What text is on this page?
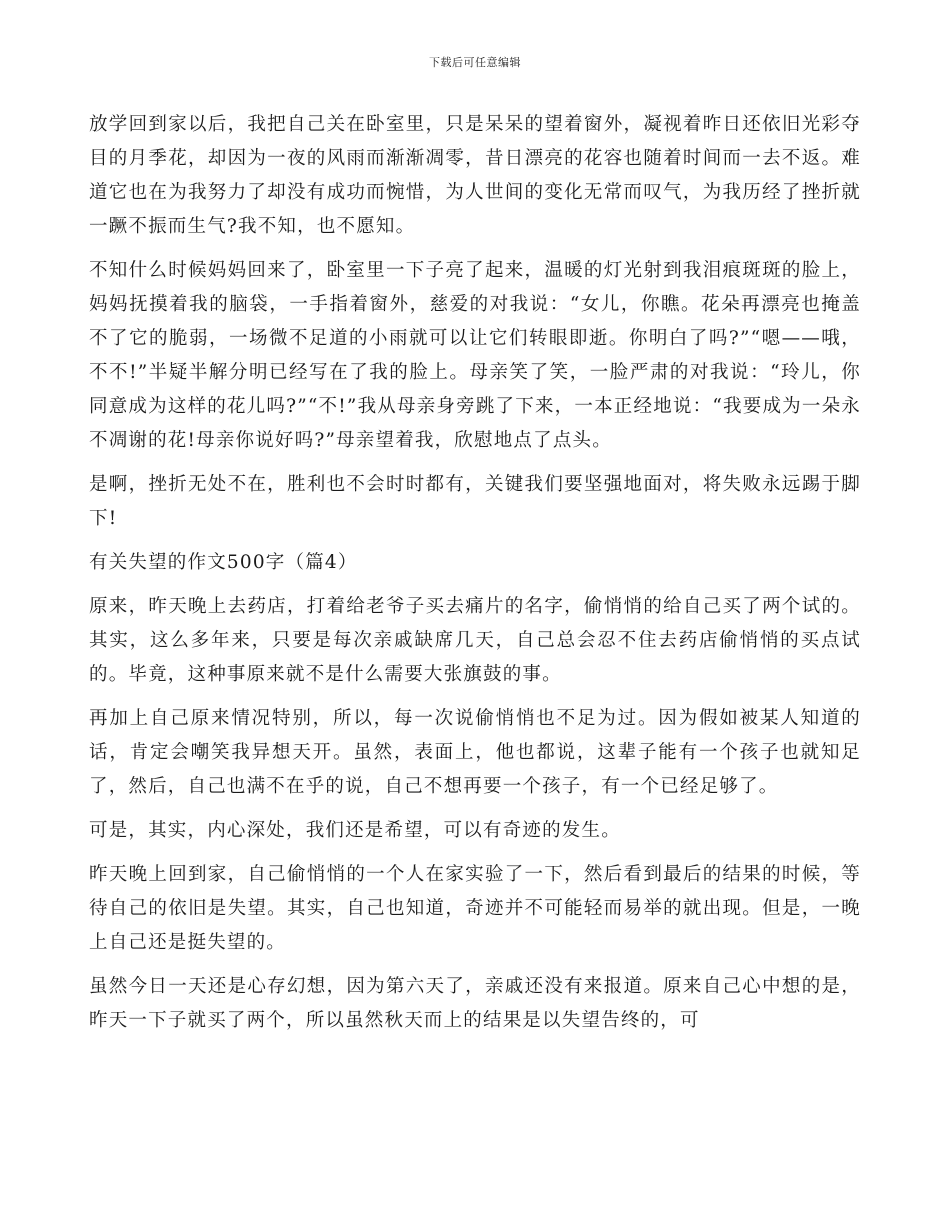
下载后可任意编辑

放学回到家以后，我把自己关在卧室里，只是呆呆的望着窗外，凝视着昨日还依旧光彩夺目的月季花，却因为一夜的风雨而渐渐凋零，昔日漂亮的花容也随着时间而一去不返。难道它也在为我努力了却没有成功而惋惜，为人世间的变化无常而叹气，为我历经了挫折就一蹶不振而生气?我不知，也不愿知。

不知什么时候妈妈回来了，卧室里一下子亮了起来，温暖的灯光射到我泪痕斑斑的脸上，妈妈抚摸着我的脑袋，一手指着窗外，慈爱的对我说：“女儿，你瞧。花朵再漂亮也掩盖不了它的脆弱，一场微不足道的小雨就可以让它们转眼即逝。你明白了吗?”“嗯——哦，不不!”半疑半解分明已经写在了我的脸上。母亲笑了笑，一脸严肃的对我说：“玲儿，你同意成为这样的花儿吗?”“不!”我从母亲身旁跳了下来，一本正经地说：“我要成为一朵永不凋谢的花!母亲你说好吗?”母亲望着我，欣慰地点了点头。

是啊，挫折无处不在，胜利也不会时时都有，关键我们要坚强地面对，将失败永远踢于脚下!

有关失望的作文500字（篇4）

原来，昨天晚上去药店，打着给老爷子买去痛片的名字，偷悄悄的给自己买了两个试的。其实，这么多年来，只要是每次亲戚缺席几天，自己总会忍不住去药店偷悄悄的买点试的。毕竟，这种事原来就不是什么需要大张旗鼓的事。

再加上自己原来情况特别，所以，每一次说偷悄悄也不足为过。因为假如被某人知道的话，肯定会嘲笑我异想天开。虽然，表面上，他也都说，这辈子能有一个孩子也就知足了，然后，自己也满不在乎的说，自己不想再要一个孩子，有一个已经足够了。

可是，其实，内心深处，我们还是希望，可以有奇迹的发生。

昨天晚上回到家，自己偷悄悄的一个人在家实验了一下，然后看到最后的结果的时候，等待自己的依旧是失望。其实，自己也知道，奇迹并不可能轻而易举的就出现。但是，一晚上自己还是挺失望的。

虽然今日一天还是心存幻想，因为第六天了，亲戚还没有来报道。原来自己心中想的是，昨天一下子就买了两个，所以虽然秋天而上的结果是以失望告终的，可
